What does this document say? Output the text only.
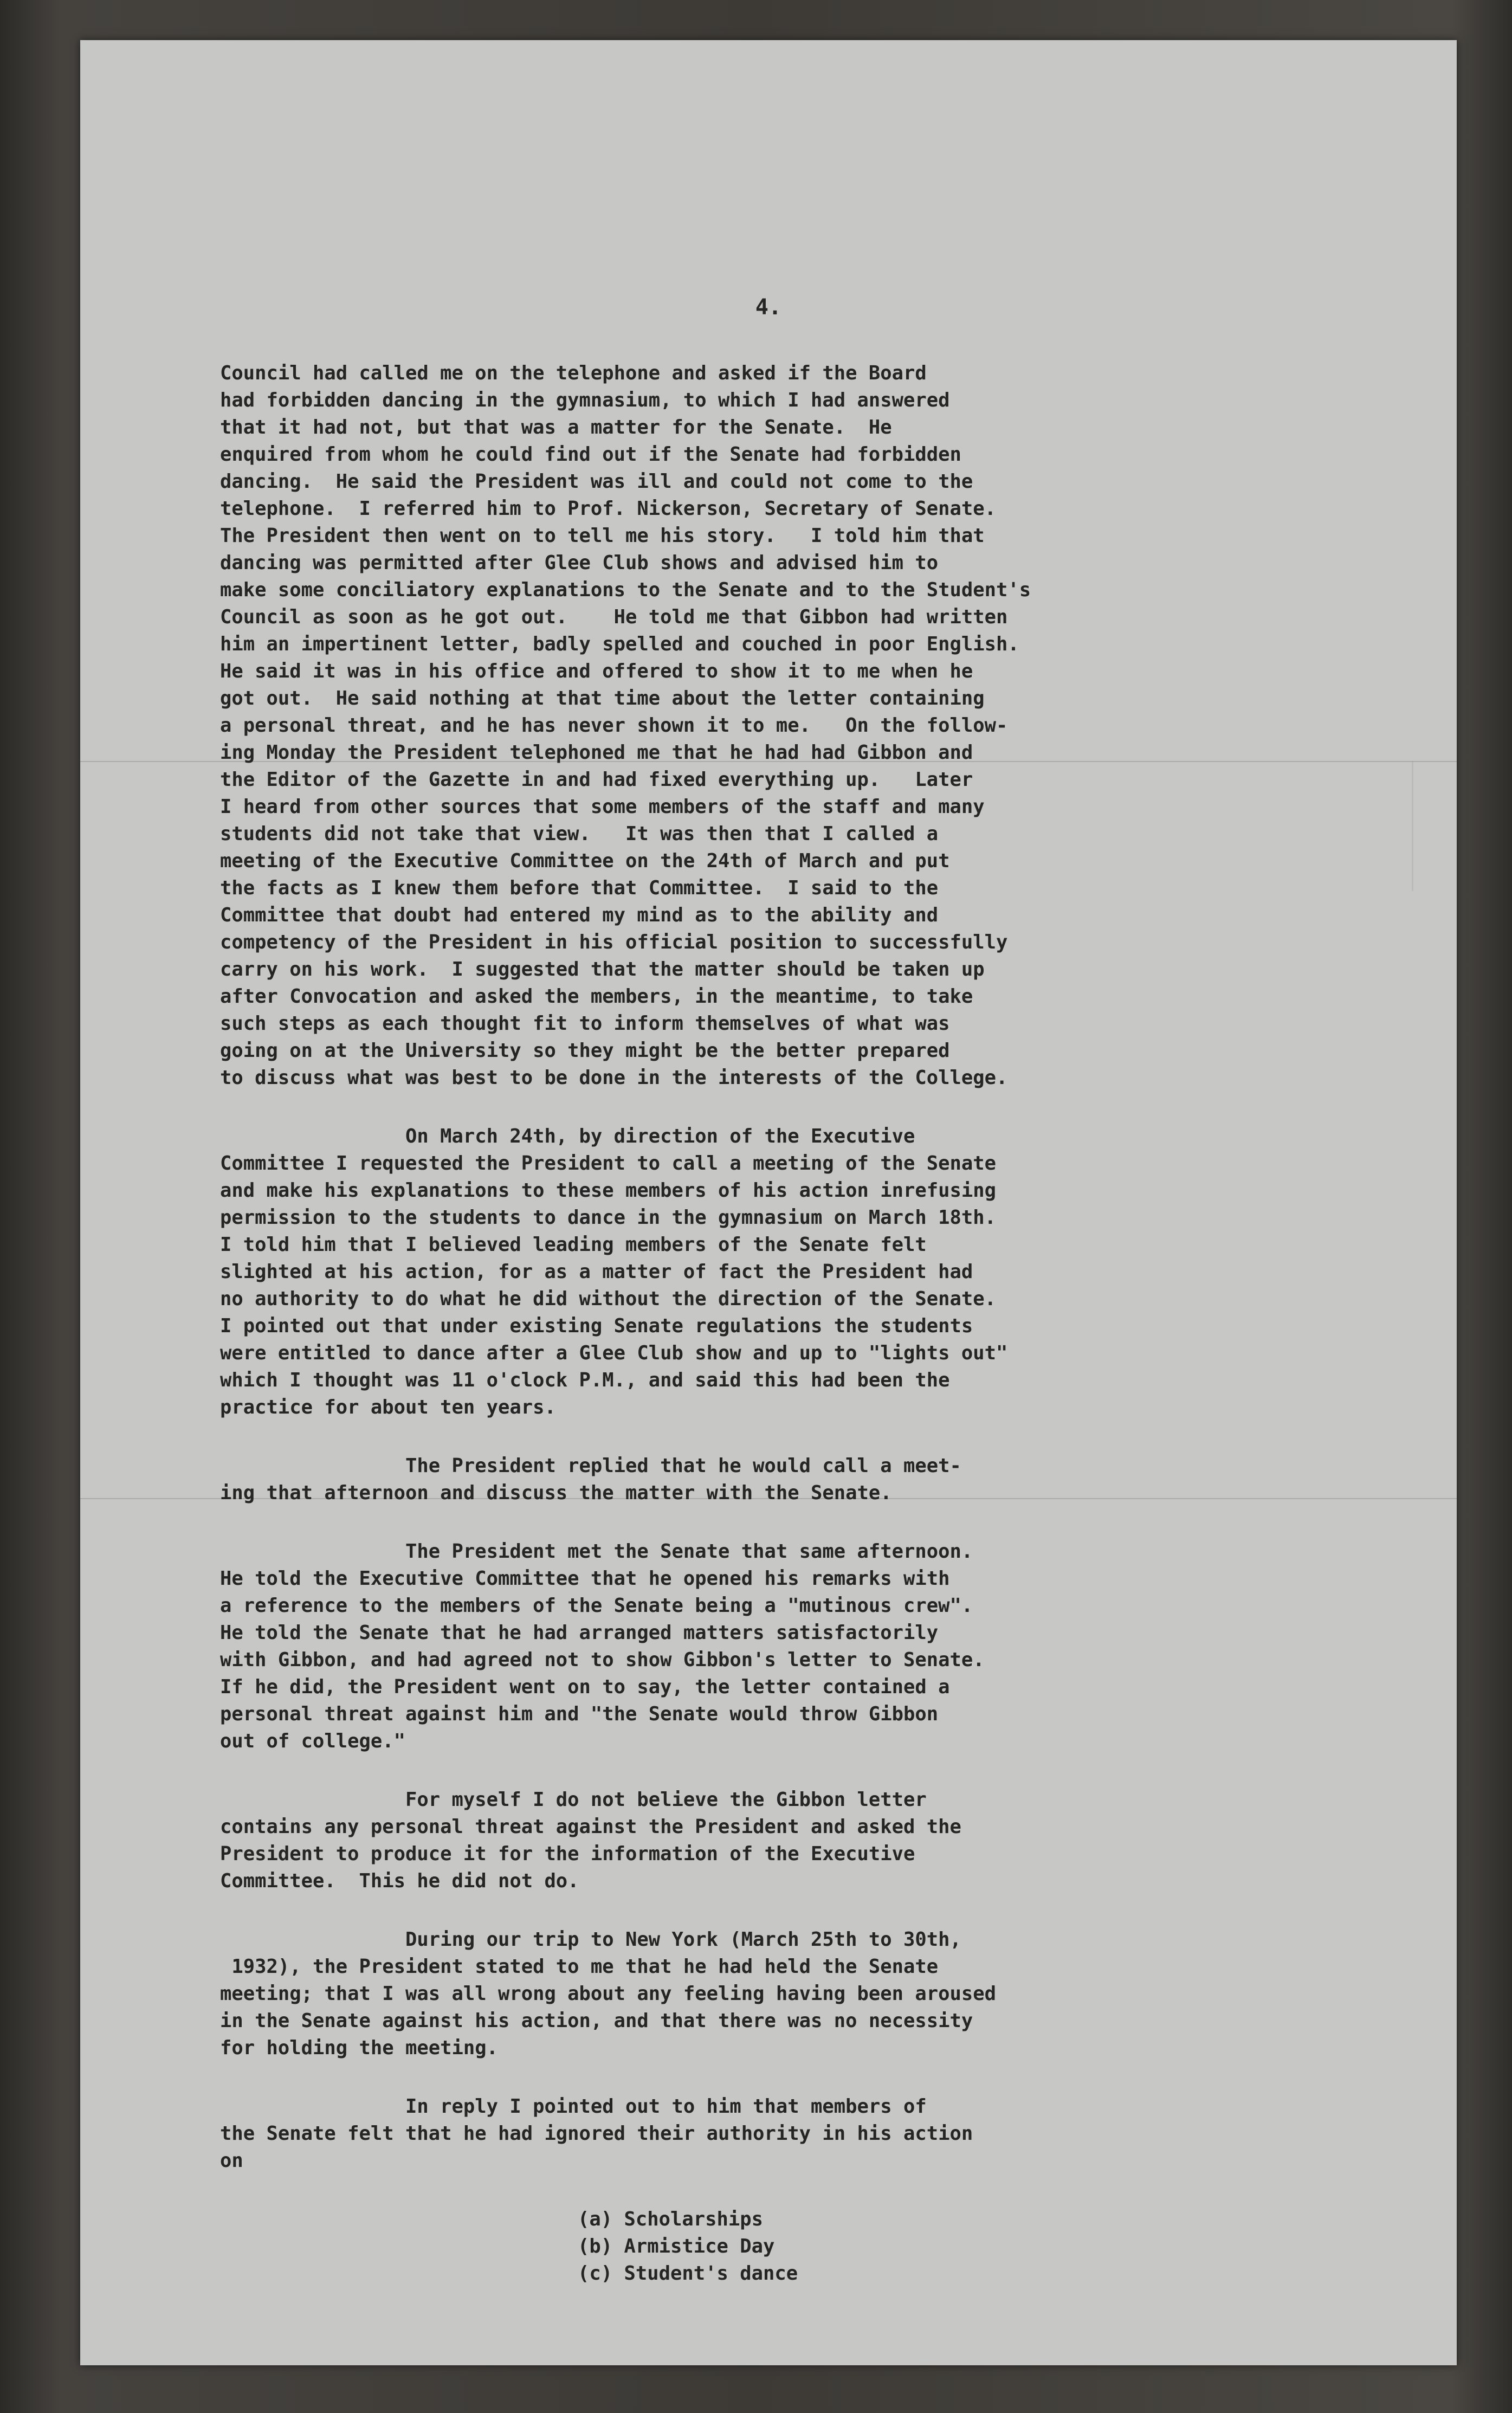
4.
Council had called me on the telephone and asked if the Board
had forbidden dancing in the gymnasium, to which I had answered
that it had not, but that was a matter for the Senate.  He
enquired from whom he could find out if the Senate had forbidden
dancing.  He said the President was ill and could not come to the
telephone.  I referred him to Prof. Nickerson, Secretary of Senate.
The President then went on to tell me his story.   I told him that
dancing was permitted after Glee Club shows and advised him to
make some conciliatory explanations to the Senate and to the Student's
Council as soon as he got out.    He told me that Gibbon had written
him an impertinent letter, badly spelled and couched in poor English.
He said it was in his office and offered to show it to me when he
got out.  He said nothing at that time about the letter containing
a personal threat, and he has never shown it to me.   On the follow-
ing Monday the President telephoned me that he had had Gibbon and
the Editor of the Gazette in and had fixed everything up.   Later
I heard from other sources that some members of the staff and many
students did not take that view.   It was then that I called a
meeting of the Executive Committee on the 24th of March and put
the facts as I knew them before that Committee.  I said to the
Committee that doubt had entered my mind as to the ability and
competency of the President in his official position to successfully
carry on his work.  I suggested that the matter should be taken up
after Convocation and asked the members, in the meantime, to take
such steps as each thought fit to inform themselves of what was
going on at the University so they might be the better prepared
to discuss what was best to be done in the interests of the College.
On March 24th, by direction of the Executive
Committee I requested the President to call a meeting of the Senate
and make his explanations to these members of his action inrefusing
permission to the students to dance in the gymnasium on March 18th.
I told him that I believed leading members of the Senate felt
slighted at his action, for as a matter of fact the President had
no authority to do what he did without the direction of the Senate.
I pointed out that under existing Senate regulations the students
were entitled to dance after a Glee Club show and up to "lights out"
which I thought was 11 o'clock P.M., and said this had been the
practice for about ten years.
The President replied that he would call a meet-
ing that afternoon and discuss the matter with the Senate.
The President met the Senate that same afternoon.
He told the Executive Committee that he opened his remarks with
a reference to the members of the Senate being a "mutinous crew".
He told the Senate that he had arranged matters satisfactorily
with Gibbon, and had agreed not to show Gibbon's letter to Senate.
If he did, the President went on to say, the letter contained a
personal threat against him and "the Senate would throw Gibbon
out of college."
For myself I do not believe the Gibbon letter
contains any personal threat against the President and asked the
President to produce it for the information of the Executive
Committee.  This he did not do.
During our trip to New York (March 25th to 30th,
1932), the President stated to me that he had held the Senate
meeting; that I was all wrong about any feeling having been aroused
in the Senate against his action, and that there was no necessity
for holding the meeting.
In reply I pointed out to him that members of
the Senate felt that he had ignored their authority in his action
on
(a) Scholarships
(b) Armistice Day
(c) Student's dance
